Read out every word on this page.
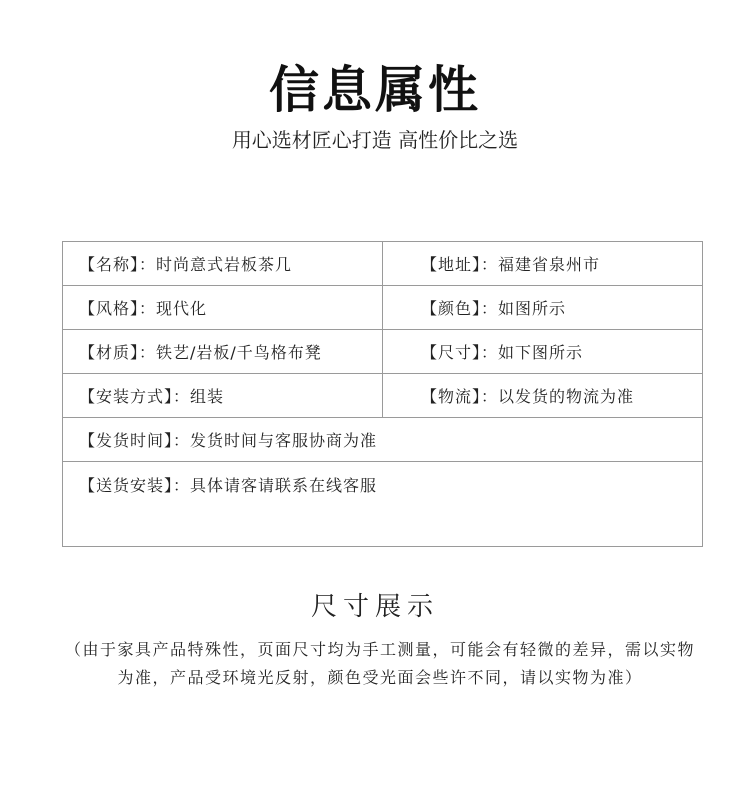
信息属性
用心选材匠心打造 高性价比之选
【名称】：时尚意式岩板茶几	【地址】：福建省泉州市
【风格】：现代化	【颜色】：如图所示
【材质】：铁艺/岩板/千鸟格布凳	【尺寸】：如下图所示
【安装方式】：组装	【物流】：以发货的物流为准
【发货时间】：发货时间与客服协商为准
【送货安装】：具体请客请联系在线客服
尺寸展示
（由于家具产品特殊性，页面尺寸均为手工测量，可能会有轻微的差异，需以实物
为准，产品受环境光反射，颜色受光面会些许不同，请以实物为准）
